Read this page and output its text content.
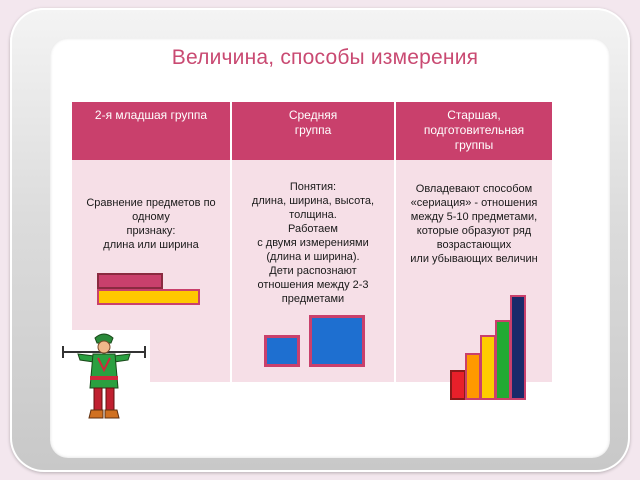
Величина, способы измерения
2-я младшая группа	Средняя
группа
Старшая,
подготовительная
группы
Сравнение предметов по
одному
признаку:
длина или ширина
Понятия:
длина, ширина, высота,
толщина.
Работаем
с двумя измерениями
(длина и ширина).
Дети распознают
отношения между 2-3
предметами
Овладевают способом
«сериация» - отношения
между 5-10 предметами,
которые образуют ряд
возрастающих
или убывающих величин
